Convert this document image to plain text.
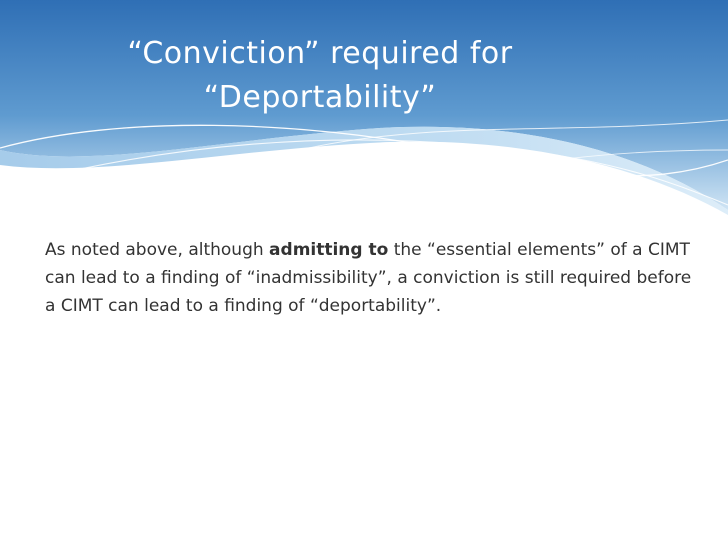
“Conviction” required for
“Deportability”

As noted above, although admitting to the “essential elements” of a CIMT can lead to a finding of “inadmissibility”, a conviction is still required before a CIMT can lead to a finding of “deportability”.
